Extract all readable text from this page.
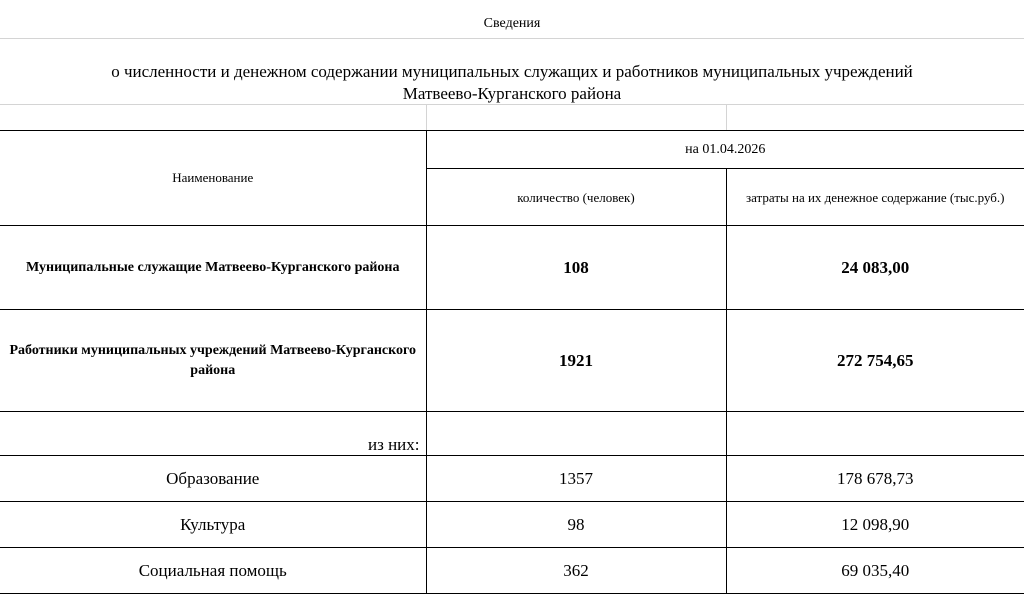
Сведения
о численности и денежном содержании муниципальных служащих и работников муниципальных учреждений
Матвеево-Курганского района
Наименование	на 01.04.2026	
	количество (человек)	затраты на их денежное содержание (тыс.руб.)
Муниципальные служащие Матвеево-Курганского района	108	24 083,00
Работники муниципальных учреждений Матвеево-Курганского района	1921	272 754,65
из них:		
Образование	1357	178 678,73
Культура	98	12 098,90
Социальная помощь	362	69 035,40
